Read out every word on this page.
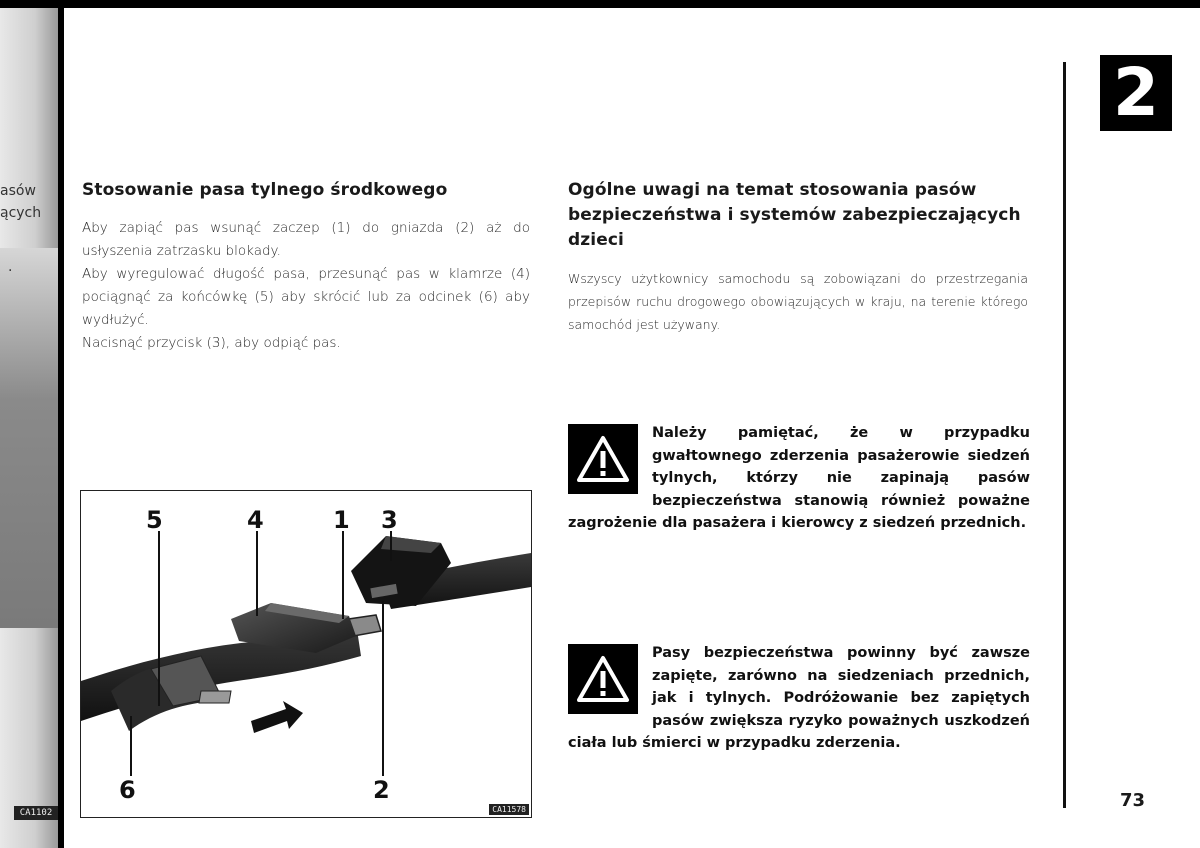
asów
ących
.
CA1102
2
73
Stosowanie pasa tylnego środkowego

Aby zapiąć pas wsunąć zaczep (1) do gniazda (2) aż do usłyszenia zatrzasku blokady.

Aby wyregulować długość pasa, przesunąć pas w klamrze (4) pociągnąć za końcówkę (5) aby skrócić lub za odcinek (6) aby wydłużyć.

Nacisnąć przycisk (3), aby odpiąć pas.

Ogólne uwagi na temat stosowania pasów bezpieczeństwa i systemów zabezpieczających dzieci

Wszyscy użytkownicy samochodu są zobowiązani do przestrzegania przepisów ruchu drogowego obowiązujących w kraju, na terenie którego samochód jest używany.

Należy pamiętać, że w przypadku gwałtownego zderzenia pasażerowie siedzeń tylnych, którzy nie zapinają pasów bezpieczeństwa stanowią również poważne zagrożenie dla pasażera i kierowcy z siedzeń przednich.

Pasy bezpieczeństwa powinny być zawsze zapięte, zarówno na siedzeniach przednich, jak i tylnych. Podróżowanie bez zapiętych pasów zwiększa ryzyko poważnych uszkodzeń ciała lub śmierci w przypadku zderzenia.

5	4	1 3
6	2
CA11578
